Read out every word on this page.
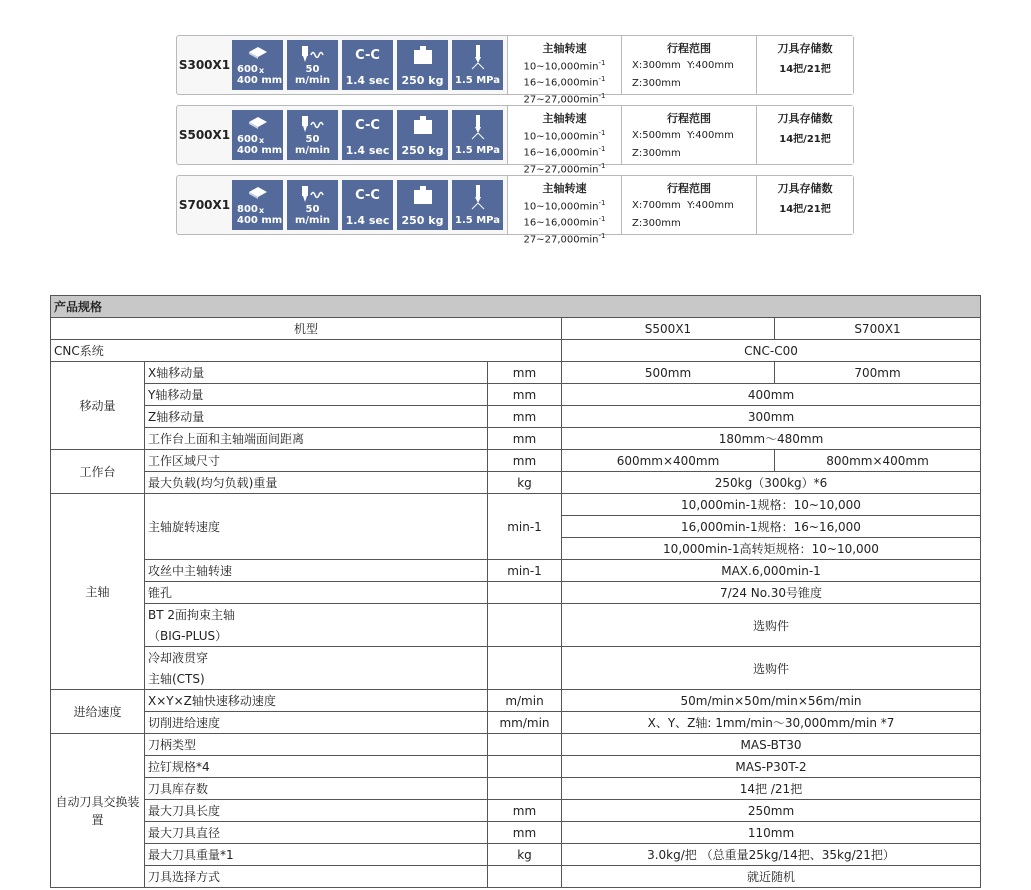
S300X1 600 x
400 mm
50 m/min
C-C
1.4 sec 250 kg 1.5 MPa
主轴转速
$10\sim 10,000\min^{-1}$
$16\sim 16,000\min^{-1}$
$27\sim 27,000\min^{-1}$
行程范围
X:300mm  Y:400mm
Z:300mm
刀具存储数
14把/21把
S500X1 600 x
400 mm
50 m/min
C-C
1.4 sec 250 kg 1.5 MPa
主轴转速
$10\sim 10,000\min^{-1}$
$16\sim 16,000\min^{-1}$
$27\sim 27,000\min^{-1}$
行程范围
X:500mm  Y:400mm
Z:300mm
刀具存储数
14把/21把
S700X1 800 x
400 mm
50 m/min
C-C
1.4 sec 250 kg 1.5 MPa
主轴转速
$10\sim 10,000\min^{-1}$
$16\sim 16,000\min^{-1}$
$27\sim 27,000\min^{-1}$
行程范围
X:700mm  Y:400mm
Z:300mm
刀具存储数
14把/21把
产品规格				
机型			S500X1	S700X1
CNC系统			CNC-C00	
移动量	X轴移动量	mm	500mm	700mm
	Y轴移动量	mm	400mm	
	Z轴移动量	mm	300mm	
	工作台上面和主轴端面间距离	mm	180mm～480mm	
工作台	工作区域尺寸	mm	600mm×400mm	800mm×400mm
	最大负载(均匀负载)重量	kg	250kg（300kg）*6	
主轴	主轴旋转速度	min-1	10,000min-1规格：10~10,000	
			16,000min-1规格：16~16,000	
			10,000min-1高转矩规格：10~10,000	
	攻丝中主轴转速	min-1	MAX.6,000min-1	
	锥孔		7/24 No.30号锥度	
	BT 2面拘束主轴		选购件	
	（BIG-PLUS）			
	冷却液贯穿		选购件	
	主轴(CTS)			
进给速度	X×Y×Z轴快速移动速度	m/min	50m/min×50m/min×56m/min	
	切削进给速度	mm/min	X、Y、Z轴: 1mm/min～30,000mm/min *7	
自动刀具交换装置	刀柄类型		MAS-BT30	
	拉钉规格*4		MAS-P30T-2	
	刀具库存数		14把 /21把	
	最大刀具长度	mm	250mm	
	最大刀具直径	mm	110mm	
	最大刀具重量*1	kg	3.0kg/把 （总重量25kg/14把、35kg/21把）	
	刀具选择方式		就近随机	
